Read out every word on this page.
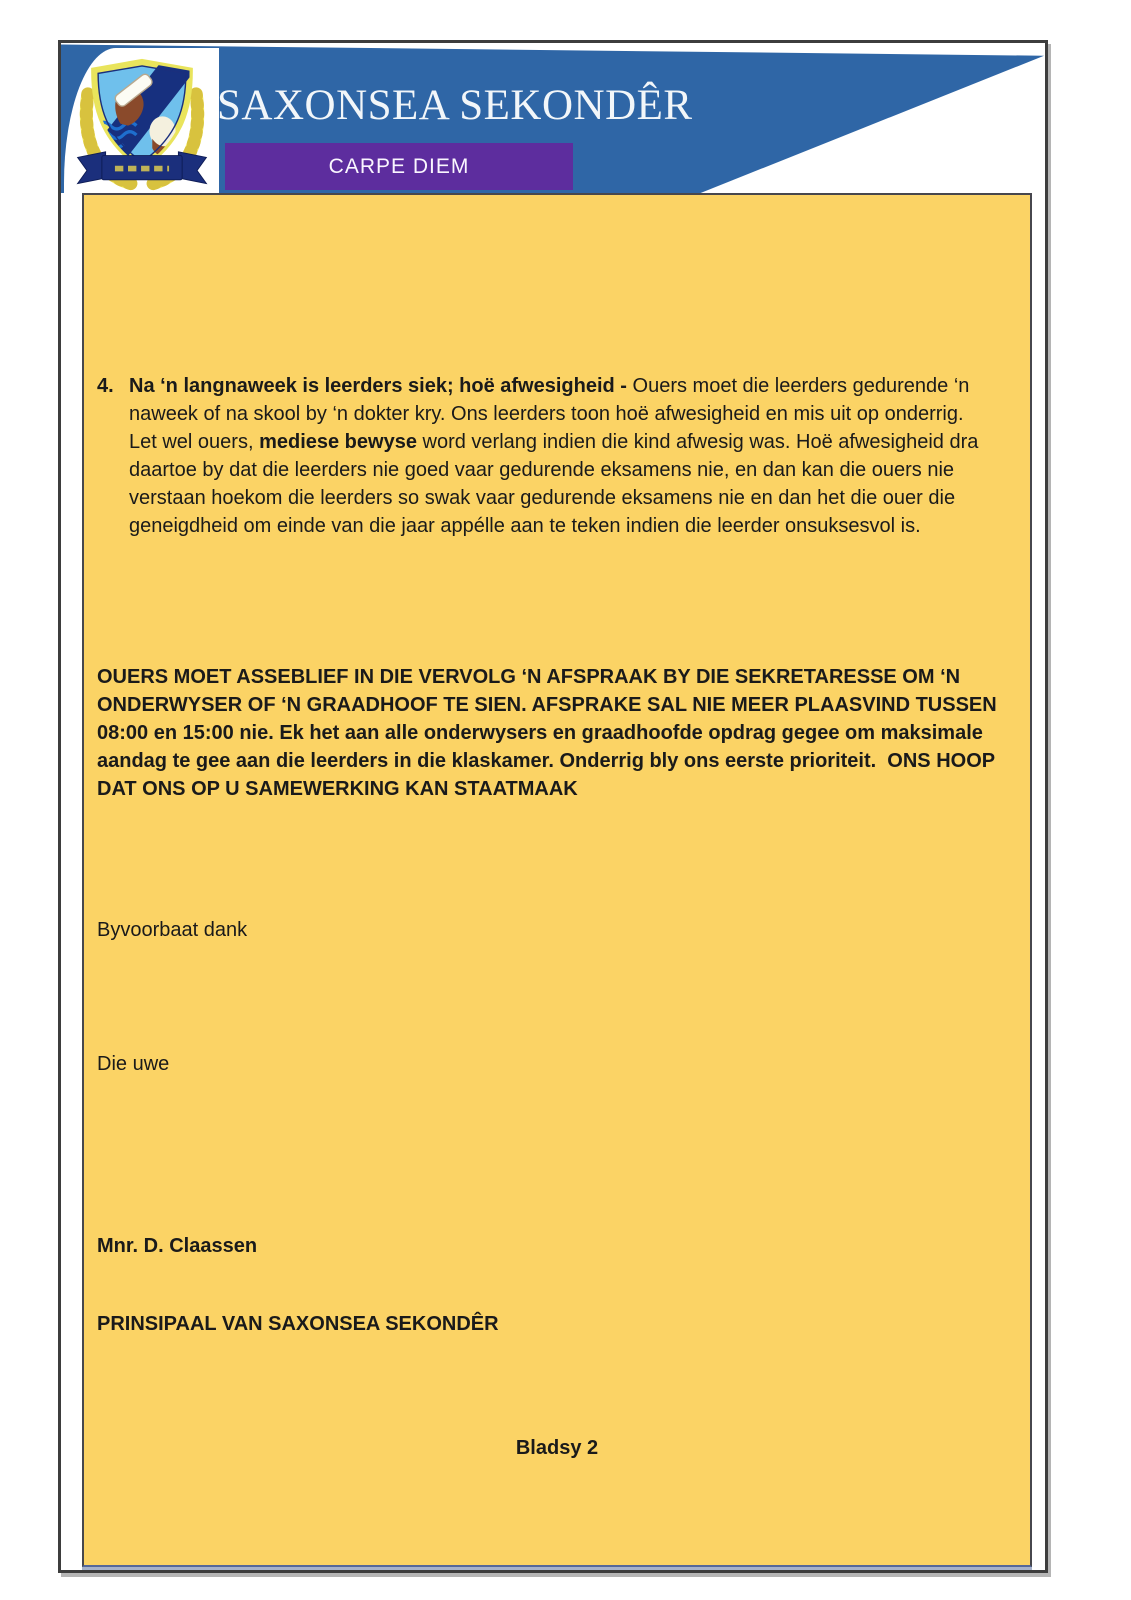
SAXONSEA SEKONDÊR
CARPE DIEM

4. Na ‘n langnaweek is leerders siek; hoë afwesigheid - Ouers moet die leerders gedurende ‘n naweek of na skool by ‘n dokter kry. Ons leerders toon hoë afwesigheid en mis uit op onderrig. Let wel ouers, mediese bewyse word verlang indien die kind afwesig was. Hoë afwesigheid dra daartoe by dat die leerders nie goed vaar gedurende eksamens nie, en dan kan die ouers nie verstaan hoekom die leerders so swak vaar gedurende eksamens nie en dan het die ouer die geneigdheid om einde van die jaar appélle aan te teken indien die leerder onsuksesvol is.

OUERS MOET ASSEBLIEF IN DIE VERVOLG ‘N AFSPRAAK BY DIE SEKRETARESSE OM ‘N ONDERWYSER OF ‘N GRAADHOOF TE SIEN. AFSPRAKE SAL NIE MEER PLAASVIND TUSSEN 08:00 en 15:00 nie. Ek het aan alle onderwysers en graadhoofde opdrag gegee om maksimale aandag te gee aan die leerders in die klaskamer. Onderrig bly ons eerste prioriteit.  ONS HOOP DAT ONS OP U SAMEWERKING KAN STAATMAAK

Byvoorbaat dank

Die uwe

Mnr. D. Claassen

PRINSIPAAL VAN SAXONSEA SEKONDÊR

Bladsy 2
